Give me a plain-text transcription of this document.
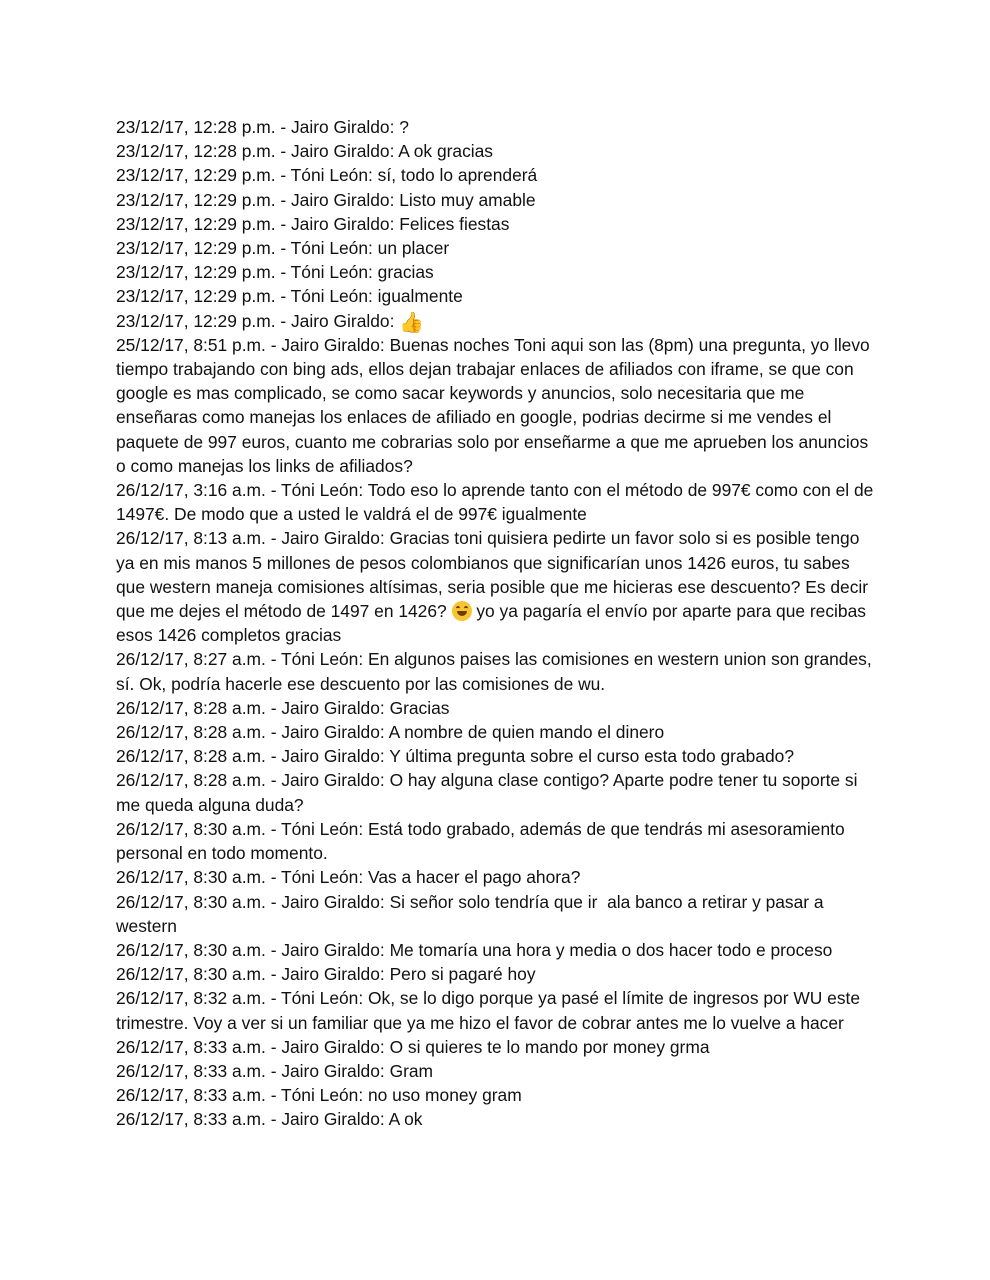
23/12/17, 12:28 p.m. - Jairo Giraldo: ?

23/12/17, 12:28 p.m. - Jairo Giraldo: A ok gracias

23/12/17, 12:29 p.m. - Tóni León: sí, todo lo aprenderá

23/12/17, 12:29 p.m. - Jairo Giraldo: Listo muy amable

23/12/17, 12:29 p.m. - Jairo Giraldo: Felices fiestas

23/12/17, 12:29 p.m. - Tóni León: un placer

23/12/17, 12:29 p.m. - Tóni León: gracias

23/12/17, 12:29 p.m. - Tóni León: igualmente

23/12/17, 12:29 p.m. - Jairo Giraldo: 👍

25/12/17, 8:51 p.m. - Jairo Giraldo: Buenas noches Toni aqui son las (8pm) una pregunta, yo llevo tiempo trabajando con bing ads, ellos dejan trabajar enlaces de afiliados con iframe, se que con google es mas complicado, se como sacar keywords y anuncios, solo necesitaria que me enseñaras como manejas los enlaces de afiliado en google, podrias decirme si me vendes el paquete de 997 euros, cuanto me cobrarias solo por enseñarme a que me aprueben los anuncios o como manejas los links de afiliados?

26/12/17, 3:16 a.m. - Tóni León: Todo eso lo aprende tanto con el método de 997€ como con el de 1497€. De modo que a usted le valdrá el de 997€ igualmente

26/12/17, 8:13 a.m. - Jairo Giraldo: Gracias toni quisiera pedirte un favor solo si es posible tengo ya en mis manos 5 millones de pesos colombianos que significarían unos 1426 euros, tu sabes que western maneja comisiones altísimas, seria posible que me hicieras ese descuento? Es decir que me dejes el método de 1497 en 1426?
yo ya pagaría el envío por aparte para que recibas esos 1426 completos gracias

26/12/17, 8:27 a.m. - Tóni León: En algunos paises las comisiones en western union son grandes, sí. Ok, podría hacerle ese descuento por las comisiones de wu.

26/12/17, 8:28 a.m. - Jairo Giraldo: Gracias

26/12/17, 8:28 a.m. - Jairo Giraldo: A nombre de quien mando el dinero

26/12/17, 8:28 a.m. - Jairo Giraldo: Y última pregunta sobre el curso esta todo grabado?

26/12/17, 8:28 a.m. - Jairo Giraldo: O hay alguna clase contigo? Aparte podre tener tu soporte si me queda alguna duda?

26/12/17, 8:30 a.m. - Tóni León: Está todo grabado, además de que tendrás mi asesoramiento personal en todo momento.

26/12/17, 8:30 a.m. - Tóni León: Vas a hacer el pago ahora?

26/12/17, 8:30 a.m. - Jairo Giraldo: Si señor solo tendría que ir  ala banco a retirar y pasar a western

26/12/17, 8:30 a.m. - Jairo Giraldo: Me tomaría una hora y media o dos hacer todo e proceso

26/12/17, 8:30 a.m. - Jairo Giraldo: Pero si pagaré hoy

26/12/17, 8:32 a.m. - Tóni León: Ok, se lo digo porque ya pasé el límite de ingresos por WU este trimestre. Voy a ver si un familiar que ya me hizo el favor de cobrar antes me lo vuelve a hacer

26/12/17, 8:33 a.m. - Jairo Giraldo: O si quieres te lo mando por money grma

26/12/17, 8:33 a.m. - Jairo Giraldo: Gram

26/12/17, 8:33 a.m. - Tóni León: no uso money gram

26/12/17, 8:33 a.m. - Jairo Giraldo: A ok
